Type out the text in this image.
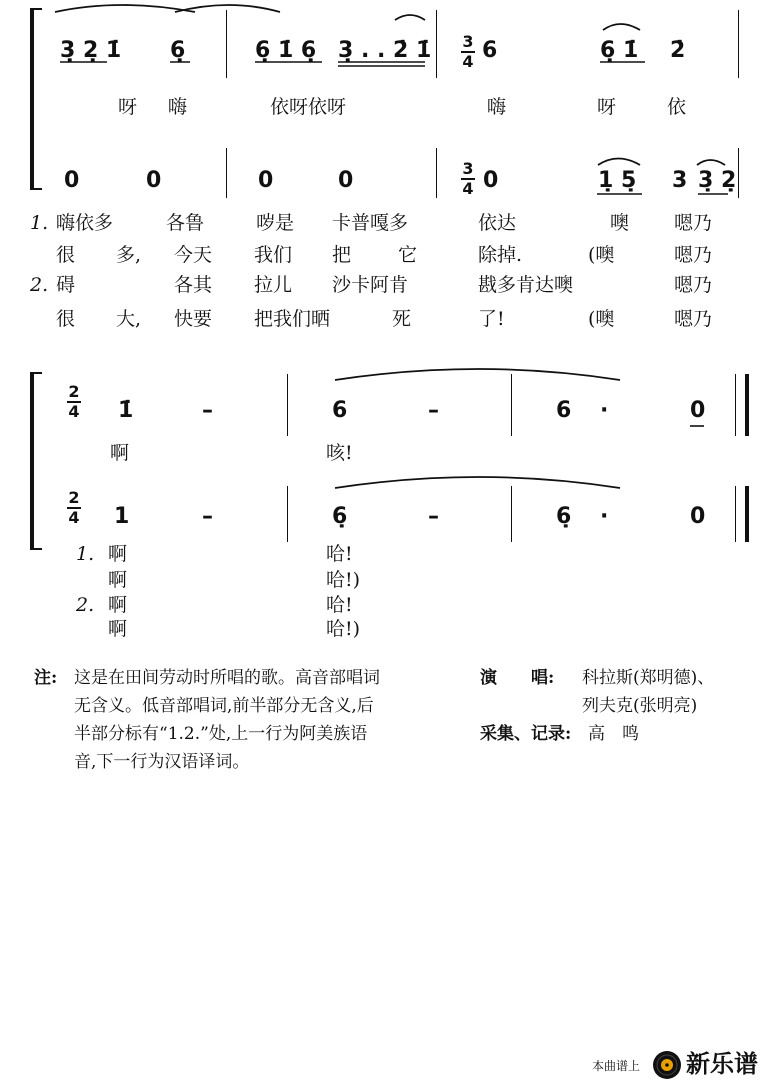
3̣ 2̣ 1̇ 6̣	6̣ 1̇ 6̣ 3̣ . . 2̇ 1̇ 3
4 6	6̣ 1̇ 2̇
呀 嗨	依呀依呀	嗨	呀	依
0	0	0	0	3
4 0	1̣ 5̣ 3 3̣ 2̣
1.
2.
嗨依多	各鲁	哕是 卡普嘎多	依达	噢 嗯乃
很 多, 今天 我们 把 它	除掉.	(噢	嗯乃
碍	各其 拉儿 沙卡阿肯	戡多肯达噢	嗯乃
很 大, 快要 把我们晒	死	了!	(噢	嗯乃
2
4 1̇	–	6	–	6 ·	0
啊	咳!
2
4 1	–	6̣	–	6̣ ·	0
1. 啊	哈!
啊	哈!)
2. 啊	哈!
啊	哈!)
注: 这是在田间劳动时所唱的歌。高音部唱词
无含义。低音部唱词,前半部分无含义,后
半部分标有“1.2.”处,上一行为阿美族语
音,下一行为汉语译词。
演　　唱: 科拉斯(郑明德)、
列夫克(张明亮)
采集、记录: 高　鸣
本曲谱上 新乐谱
